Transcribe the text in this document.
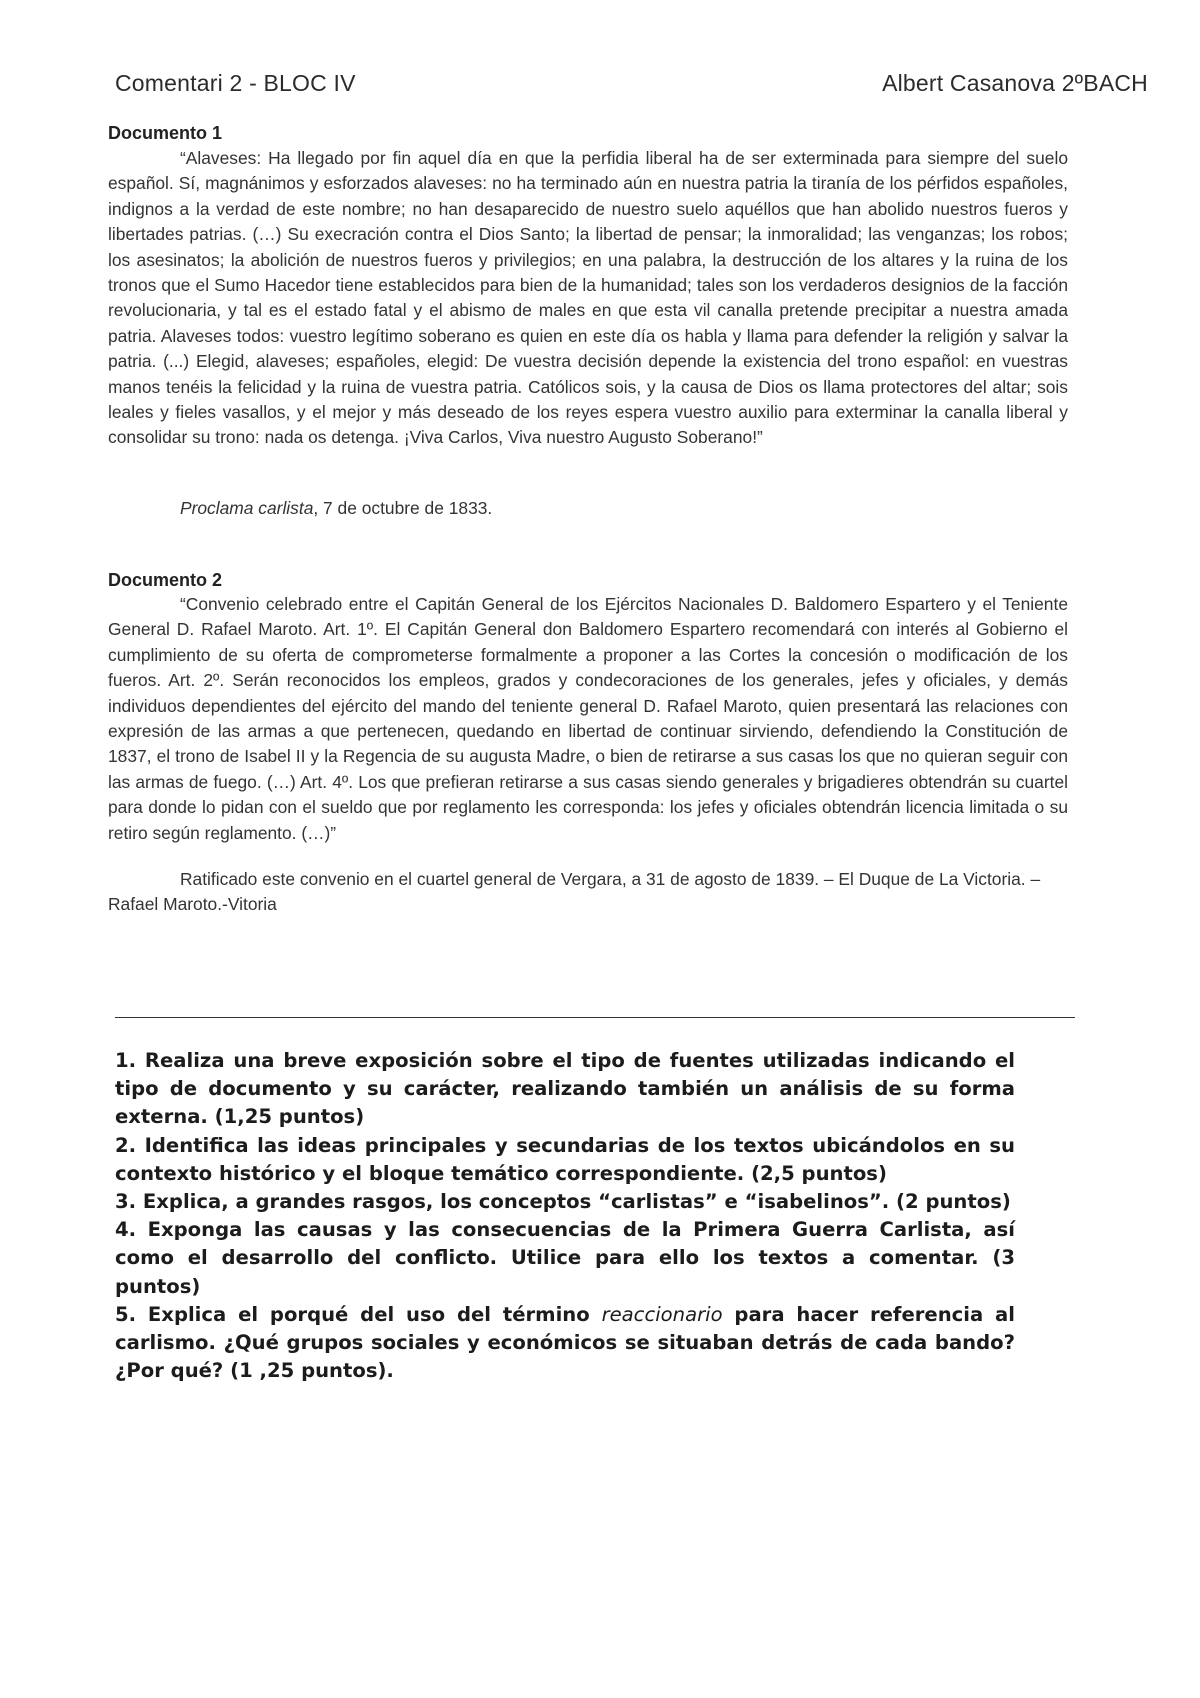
Comentari 2 - BLOC IV	Albert Casanova 2ºBACH
Documento 1

“Alaveses: Ha llegado por fin aquel día en que la perfidia liberal ha de ser exterminada para siempre del suelo español. Sí, magnánimos y esforzados alaveses: no ha terminado aún en nuestra patria la tiranía de los pérfidos españoles, indignos a la verdad de este nombre; no han desaparecido de nuestro suelo aquéllos que han abolido nuestros fueros y libertades patrias. (…) Su execración contra el Dios Santo; la libertad de pensar; la inmoralidad; las venganzas; los robos; los asesinatos; la abolición de nuestros fueros y privilegios; en una palabra, la destrucción de los altares y la ruina de los tronos que el Sumo Hacedor tiene establecidos para bien de la humanidad; tales son los verdaderos designios de la facción revolucionaria, y tal es el estado fatal y el abismo de males en que esta vil canalla pretende precipitar a nuestra amada patria. Alaveses todos: vuestro legítimo soberano es quien en este día os habla y llama para defender la religión y salvar la patria. (...) Elegid, alaveses; españoles, elegid: De vuestra decisión depende la existencia del trono español: en vuestras manos tenéis la felicidad y la ruina de vuestra patria. Católicos sois, y la causa de Dios os llama protectores del altar; sois leales y fieles vasallos, y el mejor y más deseado de los reyes espera vuestro auxilio para exterminar la canalla liberal y consolidar su trono: nada os detenga. ¡Viva Carlos, Viva nuestro Augusto Soberano!”

Proclama carlista, 7 de octubre de 1833.

Documento 2

“Convenio celebrado entre el Capitán General de los Ejércitos Nacionales D. Baldomero Espartero y el Teniente General D. Rafael Maroto. Art. 1º. El Capitán General don Baldomero Espartero recomendará con interés al Gobierno el cumplimiento de su oferta de comprometerse formalmente a proponer a las Cortes la concesión o modificación de los fueros. Art. 2º. Serán reconocidos los empleos, grados y condecoraciones de los generales, jefes y oficiales, y demás individuos dependientes del ejército del mando del teniente general D. Rafael Maroto, quien presentará las relaciones con expresión de las armas a que pertenecen, quedando en libertad de continuar sirviendo, defendiendo la Constitución de 1837, el trono de Isabel II y la Regencia de su augusta Madre, o bien de retirarse a sus casas los que no quieran seguir con las armas de fuego. (…) Art. 4º. Los que prefieran retirarse a sus casas siendo generales y brigadieres obtendrán su cuartel para donde lo pidan con el sueldo que por reglamento les corresponda: los jefes y oficiales obtendrán licencia limitada o su retiro según reglamento. (…)”

Ratificado este convenio en el cuartel general de Vergara, a 31 de agosto de 1839. – El Duque de La Victoria. – Rafael Maroto.-Vitoria

1. Realiza una breve exposición sobre el tipo de fuentes utilizadas indicando el tipo de documento y su carácter, realizando también un análisis de su forma externa. (1,25 puntos)
2. Identifica las ideas principales y secundarias de los textos ubicándolos en su contexto histórico y el bloque temático correspondiente. (2,5 puntos)
3. Explica, a grandes rasgos, los conceptos “carlistas” e “isabelinos”. (2 puntos)
4. Exponga las causas y las consecuencias de la Primera Guerra Carlista, así como el desarrollo del conflicto. Utilice para ello los textos a comentar. (3 puntos)
5. Explica el porqué del uso del término reaccionario para hacer referencia al carlismo. ¿Qué grupos sociales y económicos se situaban detrás de cada bando? ¿Por qué? (1 ,25 puntos).
